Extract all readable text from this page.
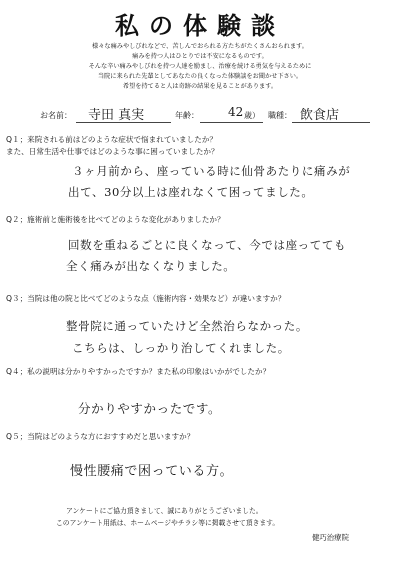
私の体験談
様々な痛みやしびれなどで、苦しんでおられる方たちがたくさんおられます。
痛みを持つ人はひとりでは不安になるものです。
そんな辛い痛みやしびれを持つ人達を励まし、治療を続ける勇気を与えるために
当院に来られた先輩としてあなたの良くなった体験談をお聞かせ下さい。
希望を持てると人は奇跡の結果を見ることがあります。
お名前： 寺田 真実	年齢： 42 歳） 職種： 飲食店
Q１；来院される前はどのような症状で悩まれていましたか？
また、日常生活や仕事ではどのような事に困っていましたか？
３ヶ月前から、座っている時に仙骨あたりに痛みが
出て、30分以上は座れなくて困ってました。
Q２；施術前と施術後を比べてどのような変化がありましたか？
回数を重ねるごとに良くなって、今では座ってても
全く痛みが出なくなりました。
Q３；当院は他の院と比べてどのような点（施術内容・効果など）が違いますか？
整骨院に通っていたけど全然治らなかった。
こちらは、しっかり治してくれました。
Q４；私の説明は分かりやすかったですか？また私の印象はいかがでしたか？
分かりやすかったです。
Q５；当院はどのような方におすすめだと思いますか？
慢性腰痛で困っている方。
アンケートにご協力頂きまして、誠にありがとうございました。
このアンケート用紙は、ホームページやチラシ等に掲載させて頂きます。
健巧治療院
